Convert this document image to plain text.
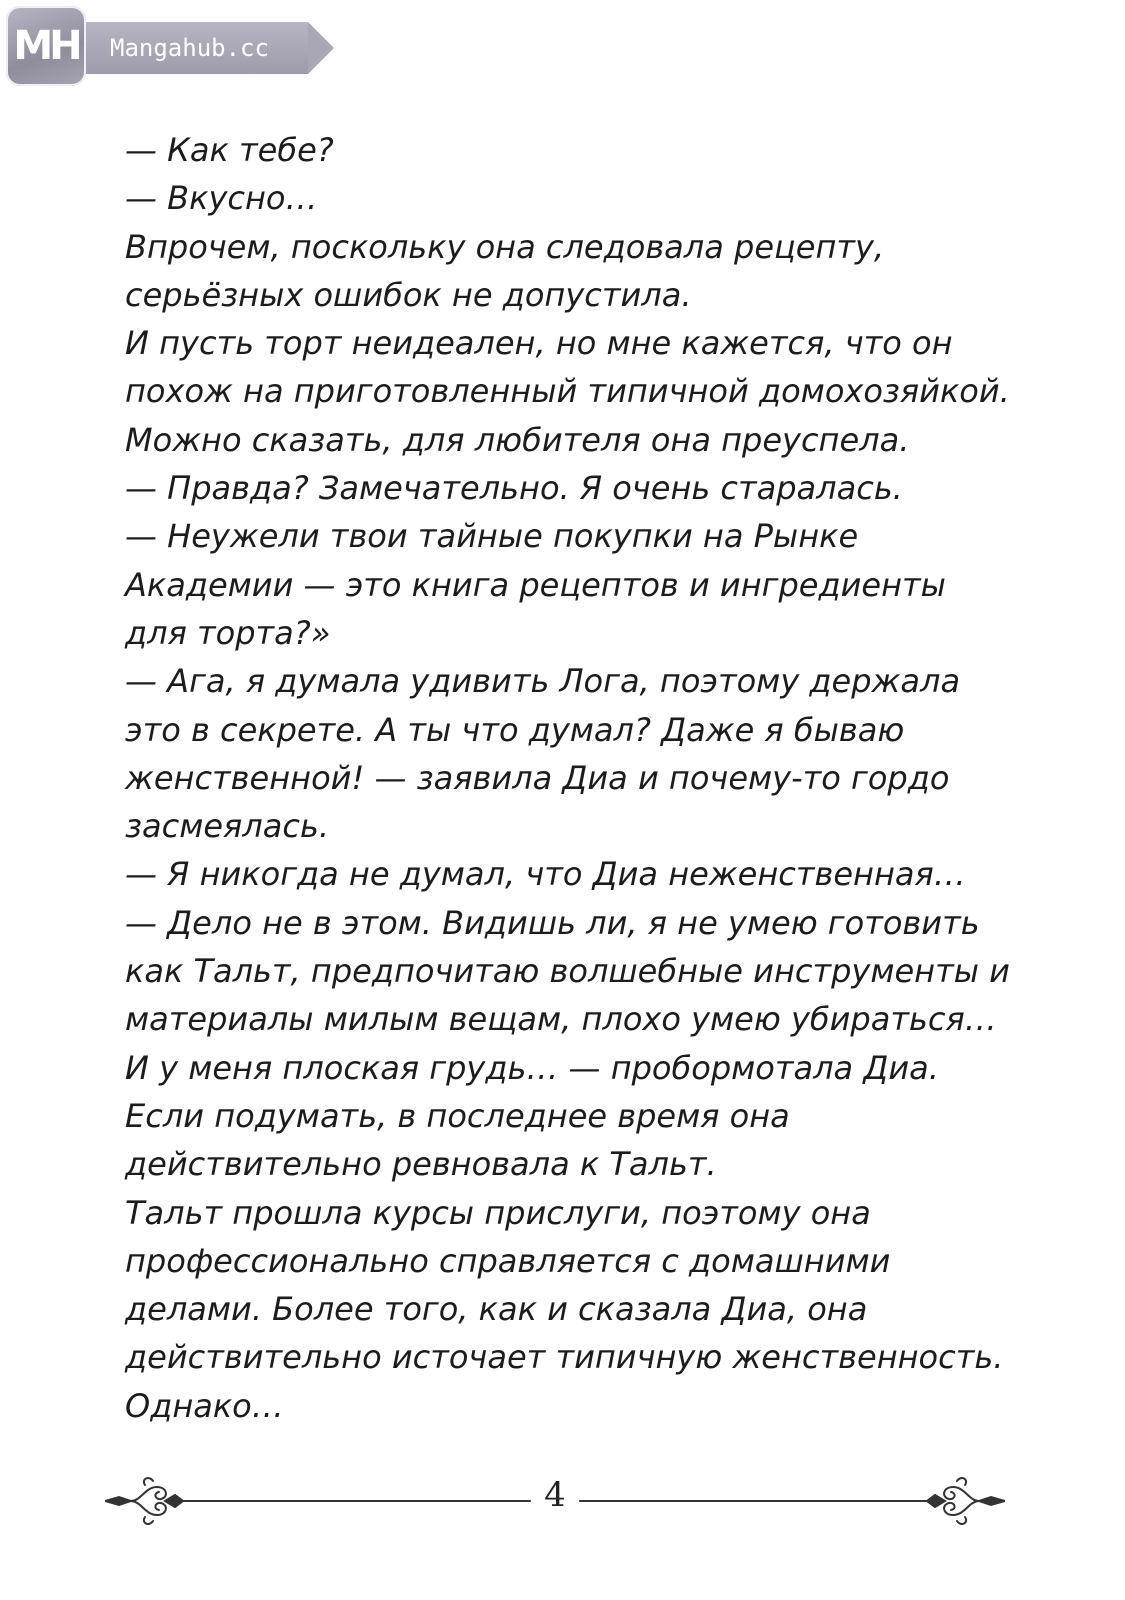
MH	Mangahub.cc
— Как тебе?
— Вкусно…
Впрочем, поскольку она следовала рецепту,
серьёзных ошибок не допустила.
И пусть торт неидеален, но мне кажется, что он
похож на приготовленный типичной домохозяйкой.
Можно сказать, для любителя она преуспела.
— Правда? Замечательно. Я очень старалась.
— Неужели твои тайные покупки на Рынке
Академии — это книга рецептов и ингредиенты
для торта?»
— Ага, я думала удивить Лога, поэтому держала
это в секрете. А ты что думал? Даже я бываю
женственной! — заявила Диа и почему-то гордо
засмеялась.
— Я никогда не думал, что Диа неженственная…
— Дело не в этом. Видишь ли, я не умею готовить
как Тальт, предпочитаю волшебные инструменты и
материалы милым вещам, плохо умею убираться…
И у меня плоская грудь… — пробормотала Диа.
Если подумать, в последнее время она
действительно ревновала к Тальт.
Тальт прошла курсы прислуги, поэтому она
профессионально справляется с домашними
делами. Более того, как и сказала Диа, она
действительно источает типичную женственность.
Однако…
4
